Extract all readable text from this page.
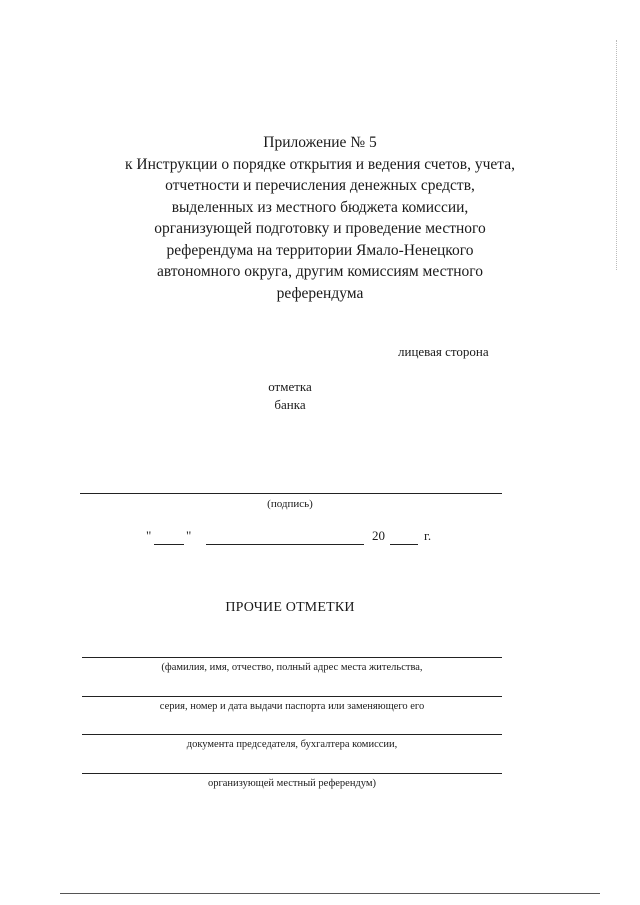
Приложение № 5
к Инструкции о порядке открытия и ведения счетов, учета,
отчетности и перечисления денежных средств,
выделенных из местного бюджета комиссии,
организующей подготовку и проведение местного
референдума на территории Ямало-Ненецкого
автономного округа, другим комиссиям местного
референдума
лицевая сторона
отметка
банка
(подпись)
"	"	20	г.
ПРОЧИЕ ОТМЕТКИ
(фамилия, имя, отчество, полный адрес места жительства,
серия, номер и дата выдачи паспорта или заменяющего его
документа председателя, бухгалтера комиссии,
организующей местный референдум)
